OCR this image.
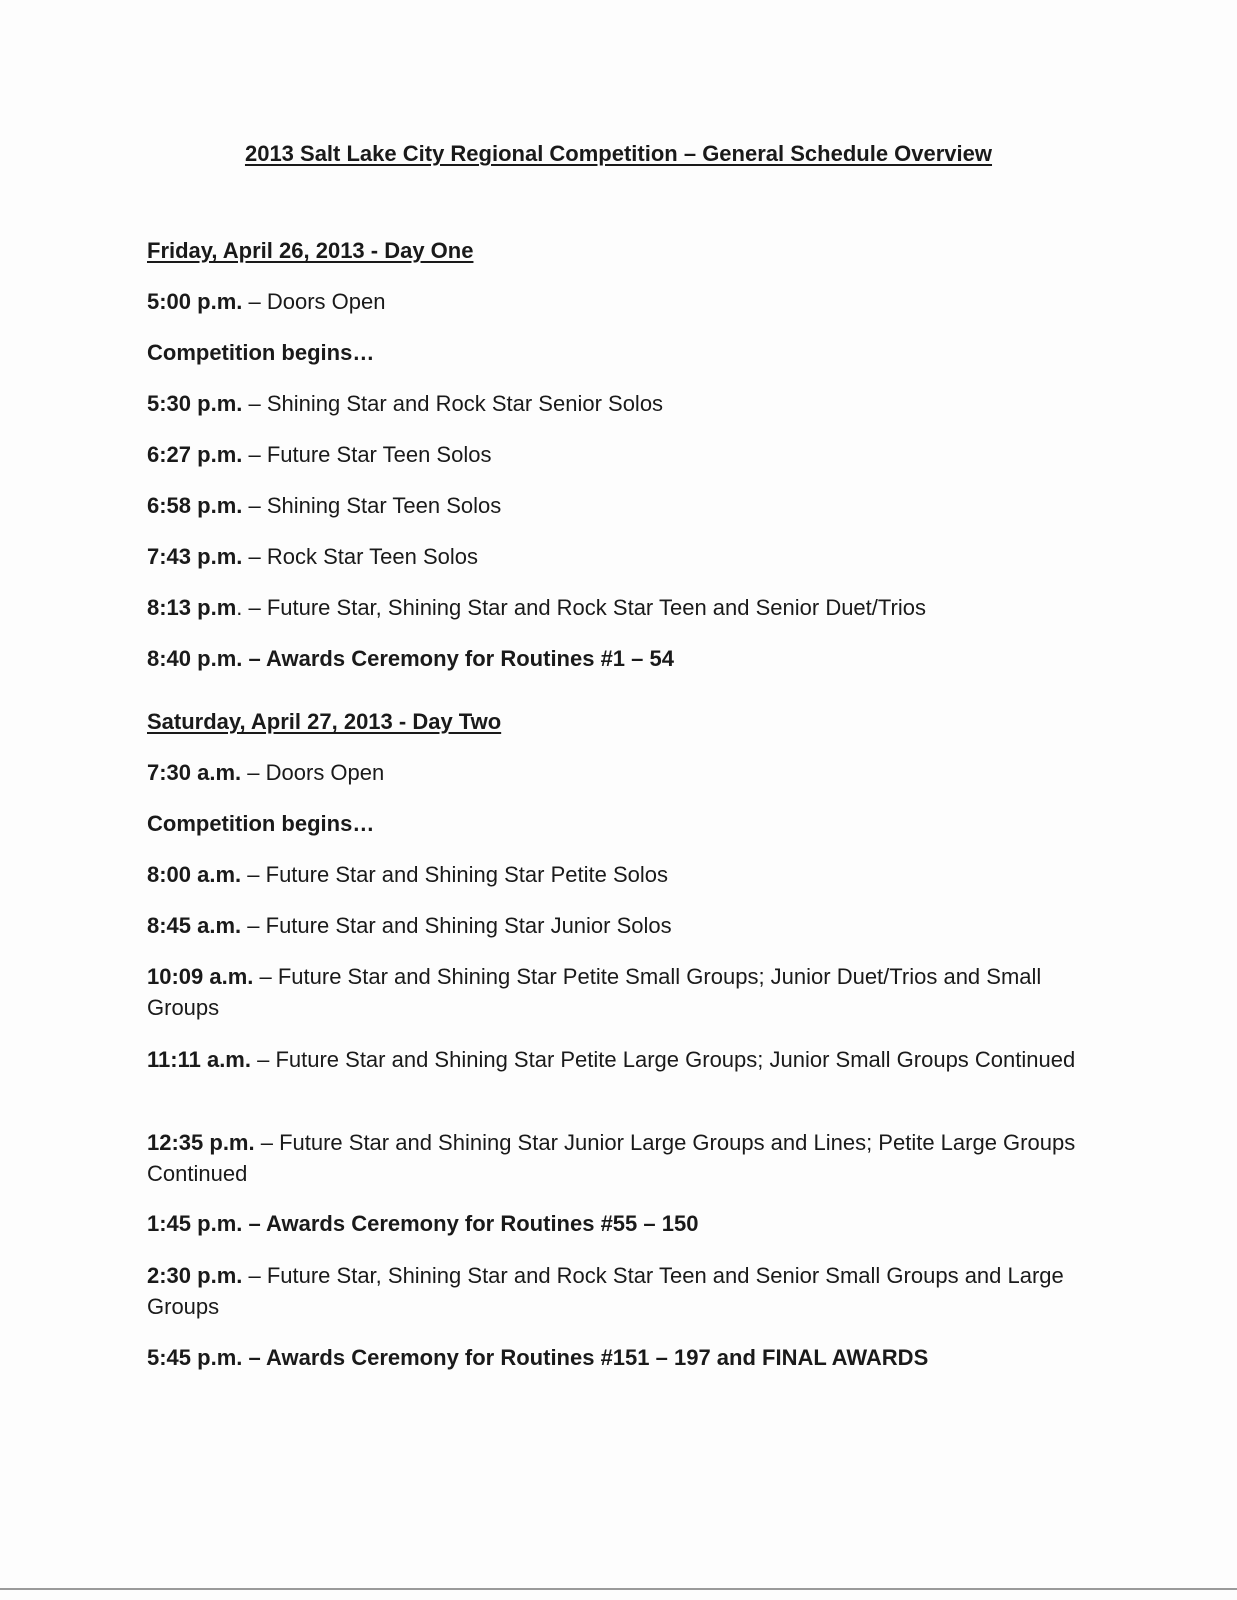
2013 Salt Lake City Regional Competition – General Schedule Overview
Friday, April 26, 2013 - Day One

5:00 p.m. – Doors Open

Competition begins…

5:30 p.m. – Shining Star and Rock Star Senior Solos

6:27 p.m. – Future Star Teen Solos

6:58 p.m. – Shining Star Teen Solos

7:43 p.m. – Rock Star Teen Solos

8:13 p.m. – Future Star, Shining Star and Rock Star Teen and Senior Duet/Trios

8:40 p.m. – Awards Ceremony for Routines #1 – 54

Saturday, April 27, 2013 - Day Two

7:30 a.m. – Doors Open

Competition begins…

8:00 a.m. – Future Star and Shining Star Petite Solos

8:45 a.m. – Future Star and Shining Star Junior Solos

10:09 a.m. – Future Star and Shining Star Petite Small Groups; Junior Duet/Trios and Small Groups

11:11 a.m. – Future Star and Shining Star Petite Large Groups; Junior Small Groups Continued

12:35 p.m. – Future Star and Shining Star Junior Large Groups and Lines; Petite Large Groups Continued

1:45 p.m. – Awards Ceremony for Routines #55 – 150

2:30 p.m. – Future Star, Shining Star and Rock Star Teen and Senior Small Groups and Large Groups

5:45 p.m. – Awards Ceremony for Routines #151 – 197 and FINAL AWARDS
